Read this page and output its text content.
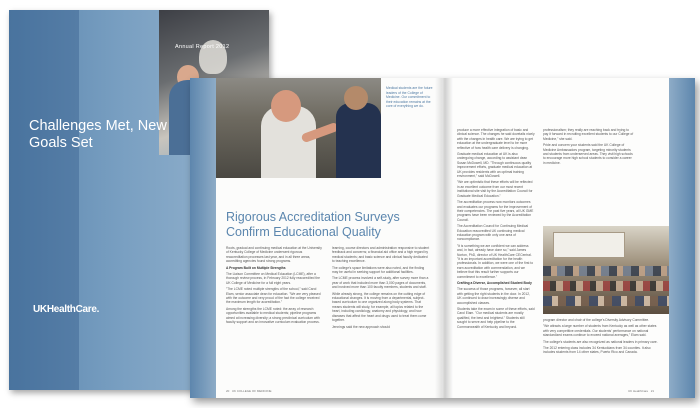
Annual Report 2012
Challenges Met, New Goals Set
UKHealthCare.
Medical students are the future leaders of the College of Medicine. Our commitment to their education remains at the core of everything we do.
Rigorous Accreditation Surveys Confirm Educational Quality

Roots, gradual and continuing medical education at the University of Kentucky College of Medicine underwent rigorous reaccreditation processes last year, and in all three areas, accrediting agencies found strong programs.

A Program Built on Multiple Strengths

The Liaison Committee on Medical Education (LCME), after a thorough review process, in February 2012 fully reaccredited the UK College of Medicine for a full eight years.

"The LCME noted multiple strengths of the school," said Carol Elam, senior associate dean for education. "We are very pleased with the outcome and very proud of the fact the college received the maximum length for accreditation."

Among the strengths the LCME noted: the array of research opportunities available to medical students; pipeline programs aimed at increasing diversity; a strong preclinical curriculum with faculty support and an innovative curriculum evaluation process.

learning, course directors and administration responsive to student feedback and concerns; a financial aid office and a high regard by medical students; and basic science and clinical faculty dedicated to teaching excellence.

The college's space limitations were also noted, and the finding may be useful in seeking support for additional facilities.

The LCME process involved a self-study, after survey more than a year of work that included more than 3,000 pages of documents, and involved more than 100 faculty members, students and staff.

While already strong, the college remains on the cutting edge of educational changes. It is moving from a departmental, subject-based curriculum to one organized along body systems. That means students will study, for example, all topics related to the heart, including cardiology, anatomy and physiology, and how diseases that affect the heart and drugs used to treat them come together.

Jennings said the new approach should

20 UK COLLEGE OF MEDICINE

produce a more effective integration of basic and clinical science. The changes he said dovetails nicely with the changes in health care. We are trying to get education at the undergraduate level to be more reflective of how health care delivery is changing.

Graduate medical education at UK is also undergoing change, according to assistant dean Susan McDowell, MD. "Through continuous quality improvement efforts, graduate medical education at UK provides residents with an optimal training environment," said McDowell.

"We are optimistic that these efforts will be reflected in an excellent outcome from our most recent institutional site visit by the Accreditation Council for Graduate Medical Education."

The accreditation process now monitors outcomes and evaluates our programs for the improvement of their competencies. The past five years, all UK GME programs have been reviewed by the Accreditation Council.

The Accreditation Council for Continuing Medical Education reaccredited UK continuing medical education program with only one area of noncompliance.

"It is something we are confident we can address and, in fact, already have done so," said James Norton, PhD, director of UK HealthCare CECentral. "It is an important accreditation for the health professionals. In addition, we were one of the first to earn accreditation with commendation, and we believe that this result further supports our commitment to excellence."

Crafting a Diverse, Accomplished Student Body

The success of those programs, however, all start with getting the right students in the door. In 2012, UK continued to draw increasingly diverse and accomplished classes.

Students take the exam in some of these efforts, said Carol Elam. "Our medical students are mostly qualified, the best and brightest." Students still sought to serve and help pipeline to the Commonwealth of Kentucky and beyond.

professionalism; they really are reaching back and trying to pay it forward in recruiting excellent students to our College of Medicine," she said.

Pride and concern your students said the UK College of Medicine Ambassadors program, targeting minority students and students from underserved areas. They visit high schools to encourage more high school students to consider a career in medicine.

program director and chair of the college's Diversity Advisory Committee.

"We attracts a large number of students from Kentucky as well as other states with very competitive credentials. Our students' performance on national standardized exams continue to exceed national averages," Elam said.

The college's students are also recognized as national leaders in primary care.

The 2012 entering class includes 34 Kentuckians from 34 counties. It also includes students from 14 other states, Puerto Rico and Canada.

UK HealthCare 21
